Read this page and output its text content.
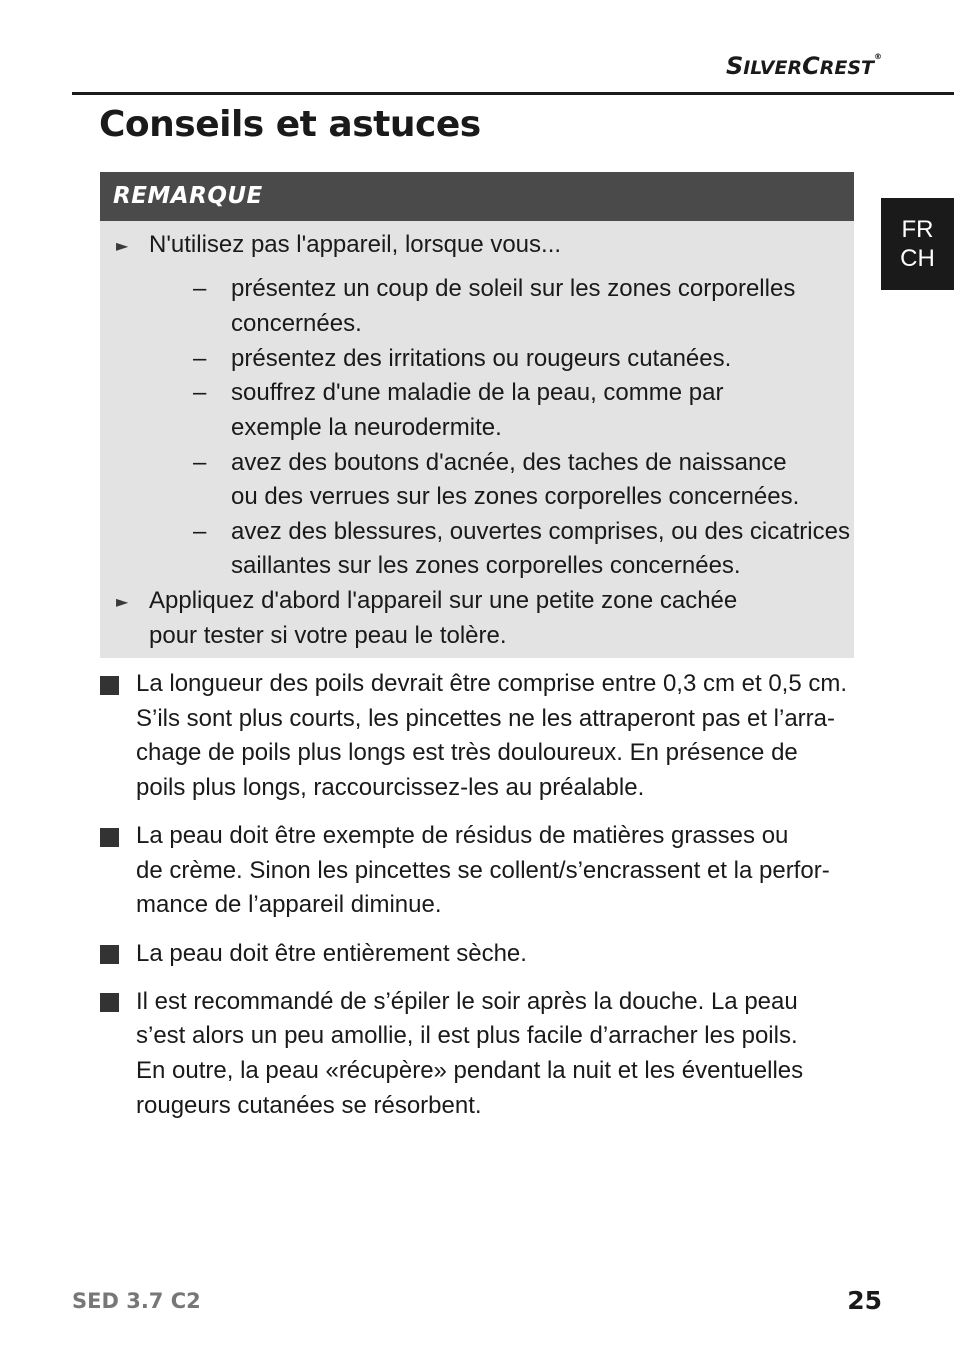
SILVERCREST®
Conseils et astuces
FR
CH
REMARQUE
► N'utilisez pas l'appareil, lorsque vous...
– présentez un coup de soleil sur les zones corporelles
concernées.
– présentez des irritations ou rougeurs cutanées.
– souffrez d'une maladie de la peau, comme par
exemple la neurodermite.
– avez des boutons d'acnée, des taches de naissance
ou des verrues sur les zones corporelles concernées.
– avez des blessures, ouvertes comprises, ou des cicatrices
saillantes sur les zones corporelles concernées.
► Appliquez d'abord l'appareil sur une petite zone cachée
pour tester si votre peau le tolère.
La longueur des poils devrait être comprise entre 0,3 cm et 0,5 cm.
S’ils sont plus courts, les pincettes ne les attraperont pas et l’arra-
chage de poils plus longs est très douloureux. En présence de
poils plus longs, raccourcissez-les au préalable.
La peau doit être exempte de résidus de matières grasses ou
de crème. Sinon les pincettes se collent/s’encrassent et la perfor-
mance de l’appareil diminue.
La peau doit être entièrement sèche.
Il est recommandé de s’épiler le soir après la douche. La peau
s’est alors un peu amollie, il est plus facile d’arracher les poils.
En outre, la peau «récupère» pendant la nuit et les éventuelles
rougeurs cutanées se résorbent.
SED 3.7 C2	25
